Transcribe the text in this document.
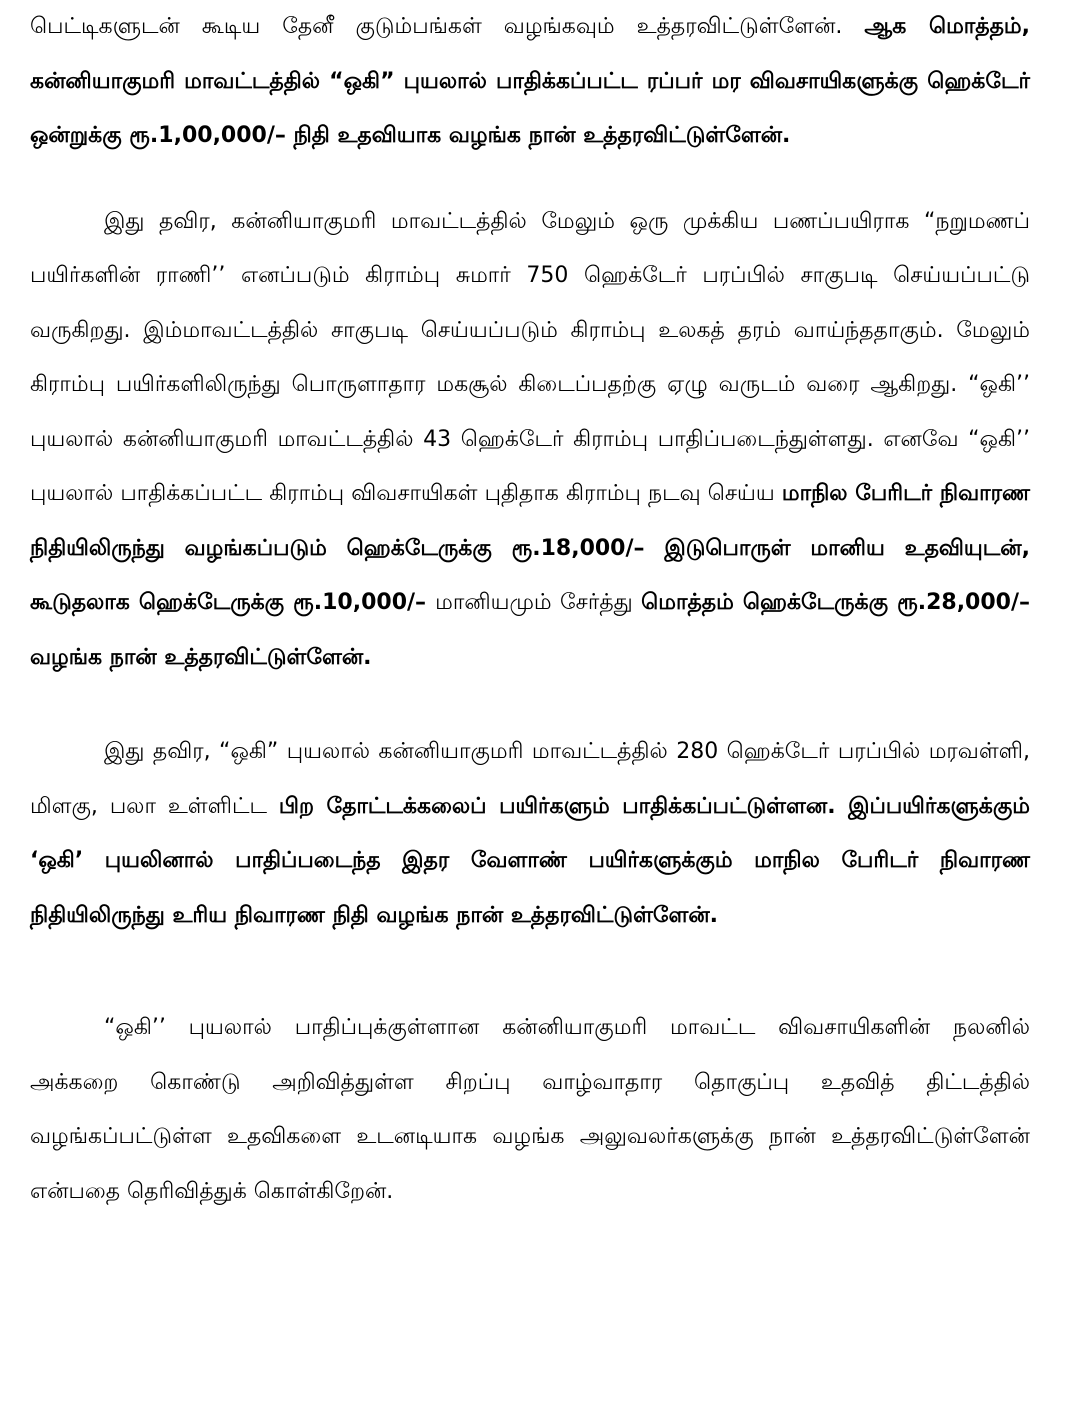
பெட்டிகளுடன் கூடிய தேனீ குடும்பங்கள் வழங்கவும் உத்தரவிட்டுள்ளேன். ஆக மொத்தம், கன்னியாகுமரி மாவட்டத்தில் “ஒகி” புயலால் பாதிக்கப்பட்ட ரப்பர் மர விவசாயிகளுக்கு ஹெக்டேர் ஒன்றுக்கு ரூ.1,00,000/– நிதி உதவியாக வழங்க நான் உத்தரவிட்டுள்ளேன்.

இது தவிர, கன்னியாகுமரி மாவட்டத்தில் மேலும் ஒரு முக்கிய பணப்பயிராக “நறுமணப் பயிர்களின் ராணி’’ எனப்படும் கிராம்பு சுமார் 750 ஹெக்டேர் பரப்பில் சாகுபடி செய்யப்பட்டு வருகிறது. இம்மாவட்டத்தில் சாகுபடி செய்யப்படும் கிராம்பு உலகத் தரம் வாய்ந்ததாகும். மேலும் கிராம்பு பயிர்களிலிருந்து பொருளாதார மகசூல் கிடைப்பதற்கு ஏழு வருடம் வரை ஆகிறது. “ஒகி’’ புயலால் கன்னியாகுமரி மாவட்டத்தில் 43 ஹெக்டேர் கிராம்பு பாதிப்படைந்துள்ளது. எனவே “ஒகி’’ புயலால் பாதிக்கப்பட்ட கிராம்பு விவசாயிகள் புதிதாக கிராம்பு நடவு செய்ய மாநில பேரிடர் நிவாரண நிதியிலிருந்து வழங்கப்படும் ஹெக்டேருக்கு ரூ.18,000/– இடுபொருள் மானிய உதவியுடன், கூடுதலாக ஹெக்டேருக்கு ரூ.10,000/– மானியமும் சேர்த்து மொத்தம் ஹெக்டேருக்கு ரூ.28,000/– வழங்க நான் உத்தரவிட்டுள்ளேன்.

இது தவிர, “ஒகி” புயலால் கன்னியாகுமரி மாவட்டத்தில் 280 ஹெக்டேர் பரப்பில் மரவள்ளி, மிளகு, பலா உள்ளிட்ட பிற தோட்டக்கலைப் பயிர்களும் பாதிக்கப்பட்டுள்ளன. இப்பயிர்களுக்கும் ‘ஒகி’ புயலினால் பாதிப்படைந்த இதர வேளாண் பயிர்களுக்கும் மாநில பேரிடர் நிவாரண நிதியிலிருந்து உரிய நிவாரண நிதி வழங்க நான் உத்தரவிட்டுள்ளேன்.

“ஒகி’’ புயலால் பாதிப்புக்குள்ளான கன்னியாகுமரி மாவட்ட விவசாயிகளின் நலனில் அக்கறை கொண்டு அறிவித்துள்ள சிறப்பு வாழ்வாதார தொகுப்பு உதவித் திட்டத்தில் வழங்கப்பட்டுள்ள உதவிகளை உடனடியாக வழங்க அலுவலர்களுக்கு நான் உத்தரவிட்டுள்ளேன் என்பதை தெரிவித்துக் கொள்கிறேன்.
